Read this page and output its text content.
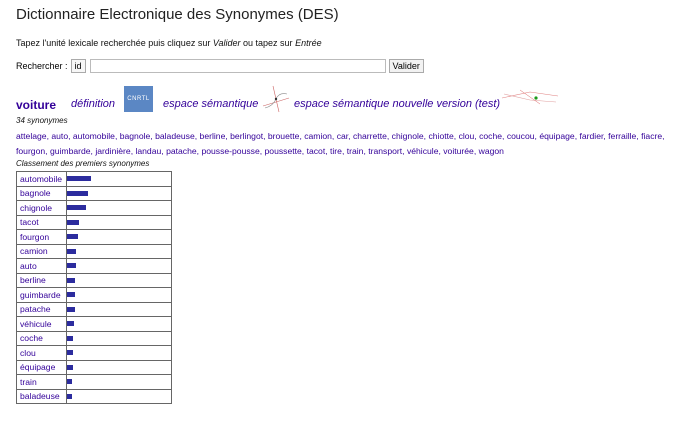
Dictionnaire Electronique des Synonymes (DES)
Tapez l'unité lexicale recherchée puis cliquez sur Valider ou tapez sur Entrée
Rechercher : id	Valider
voiture définition	CNRTL espace sémantique	espace sémantique nouvelle version (test)
34 synonymes
attelage, auto, automobile, bagnole, baladeuse, berline, berlingot, brouette, camion, car, charrette, chignole, chiotte, clou, coche, coucou, équipage, fardier, ferraille, fiacre, fourgon, guimbarde, jardinière, landau, patache, pousse-pousse, poussette, tacot, tire, train, transport, véhicule, voiturée, wagon
Classement des premiers synonymes
automobile	

bagnole	

chignole	

tacot	

fourgon	

camion	

auto	

berline	

guimbarde	

patache	

véhicule	

coche	

clou	

équipage	

train	

baladeuse	
